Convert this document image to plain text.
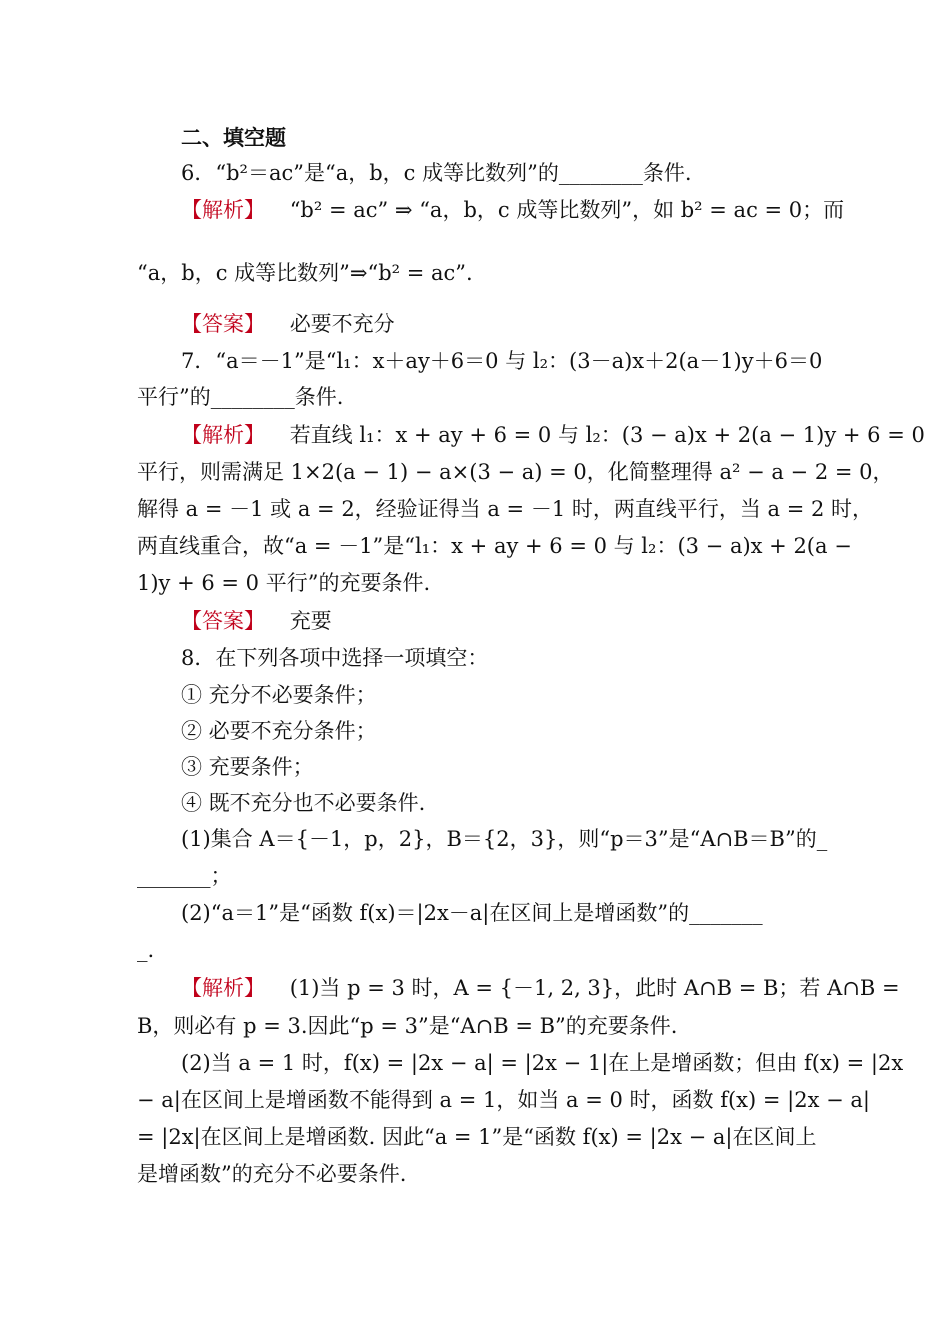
二、填空题
6．“b²＝ac”是“a，b，c 成等比数列”的________条件.
【解析】 “b² = ac” ⇒ “a，b，c 成等比数列”，如 b² = ac = 0；而
“a，b，c 成等比数列”⇒“b² = ac”.
【答案】 必要不充分
7．“a＝－1”是“l₁：x＋ay＋6＝0 与 l₂：(3－a)x＋2(a－1)y＋6＝0
平行”的________条件.
【解析】 若直线 l₁：x + ay + 6 = 0 与 l₂：(3 − a)x + 2(a − 1)y + 6 = 0
平行，则需满足 1×2(a − 1) − a×(3 − a) = 0，化简整理得 a² − a − 2 = 0，
解得 a = －1 或 a = 2，经验证得当 a = －1 时，两直线平行，当 a = 2 时，
两直线重合，故“a = －1”是“l₁：x + ay + 6 = 0 与 l₂：(3 − a)x + 2(a −
1)y + 6 = 0 平行”的充要条件.
【答案】 充要
8．在下列各项中选择一项填空：
① 充分不必要条件；
② 必要不充分条件；
③ 充要条件；
④ 既不充分也不必要条件.
(1)集合 A＝{－1，p，2}，B＝{2，3}，则“p＝3”是“A∩B＝B”的_
_______；
(2)“a＝1”是“函数 f(x)＝|2x－a|在区间上是增函数”的_______
_.
【解析】 (1)当 p = 3 时，A = {－1, 2, 3}，此时 A∩B = B；若 A∩B =
B，则必有 p = 3.因此“p = 3”是“A∩B = B”的充要条件.
(2)当 a = 1 时，f(x) = |2x − a| = |2x − 1|在上是增函数；但由 f(x) = |2x
− a|在区间上是增函数不能得到 a = 1，如当 a = 0 时，函数 f(x) = |2x − a|
= |2x|在区间上是增函数. 因此“a = 1”是“函数 f(x) = |2x − a|在区间上
是增函数”的充分不必要条件.
